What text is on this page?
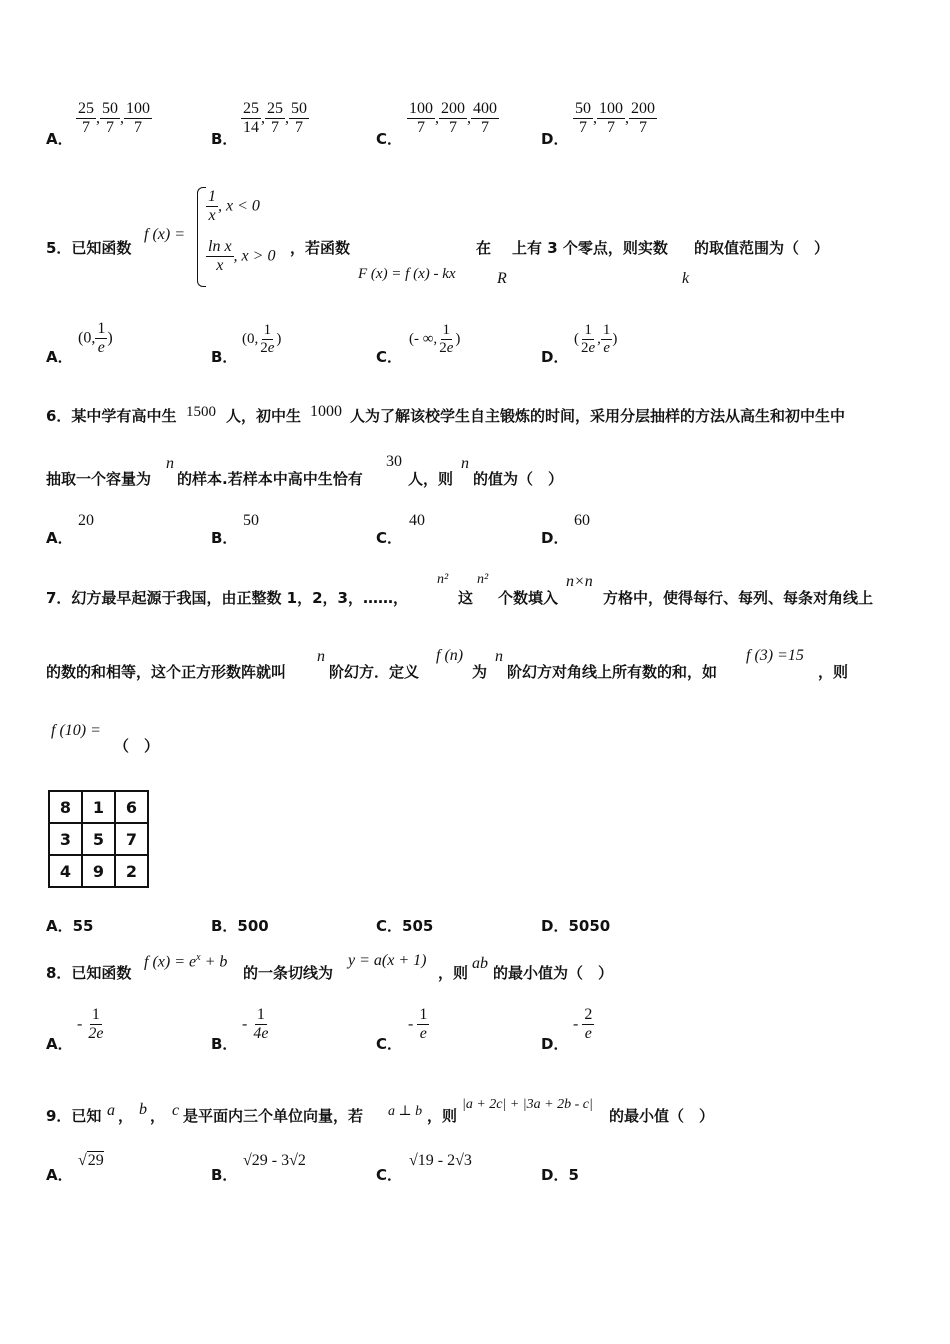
A．
$\frac{25}{7}$ , $\frac{50}{7}$ , $\frac{100}{7}$
B．
$\frac{25}{14}$ , $\frac{25}{7}$ , $\frac{50}{7}$
C．
$\frac{100}{7}$ , $\frac{200}{7}$ , $\frac{400}{7}$
D．
$\frac{50}{7}$ , $\frac{100}{7}$ , $\frac{200}{7}$
5．已知函数
f (x) =
$\frac{1}{x}$ , x < 0
$\frac{\text{ln x}}{x}$ , x > 0 ，若函数
F (x) = f (x) - kx
在
R
上有 3 个零点，则实数
k
的取值范围为（　）
A．
(0, $\frac{1}{e}$ )
B．
(0, $\frac{1}{2e}$ )
C．
(- ∞, $\frac{1}{2e}$ )
D．
( $\frac{1}{2e}$ , $\frac{1}{e}$ )
6．某中学有高中生 1500 人，初中生 1000 人为了解该校学生自主锻炼的时间，采用分层抽样的方法从高生和初中生中
抽取一个容量为
n
的样本.若样本中高中生恰有
30
人，则
n
的值为（　）
A．
20
B．
50
C．
40
D．
60
7．幻方最早起源于我国，由正整数 1，2，3，……，
n²
这
n²
个数填入
n×n
方格中，使得每行、每列、每条对角线上
的数的和相等，这个正方形数阵就叫
n
阶幻方．定义
f (n)
为
n
阶幻方对角线上所有数的和，如
f (3) =15
，则
f (10) =
（　）
8	1	6
3	5	7
4	9	2
A．55	B．500	C．505	D．5050
8．已知函数
f $(x) = e^x + b$
的一条切线为
y = a(x + 1)
，则
ab
的最小值为（　）
A．
- $\frac{1}{2e}$
B．
- $\frac{1}{4e}$
C．
- $\frac{1}{e}$
D．
- $\frac{2}{e}$
9．已知 a ， b ， c 是平面内三个单位向量，若 a ⊥ b ，则
|a + 2c| + |3a + 2b - c|
的最小值（　）
A．
√29
B．
√29 - 3√2
C．
√19 - 2√3
D．5
